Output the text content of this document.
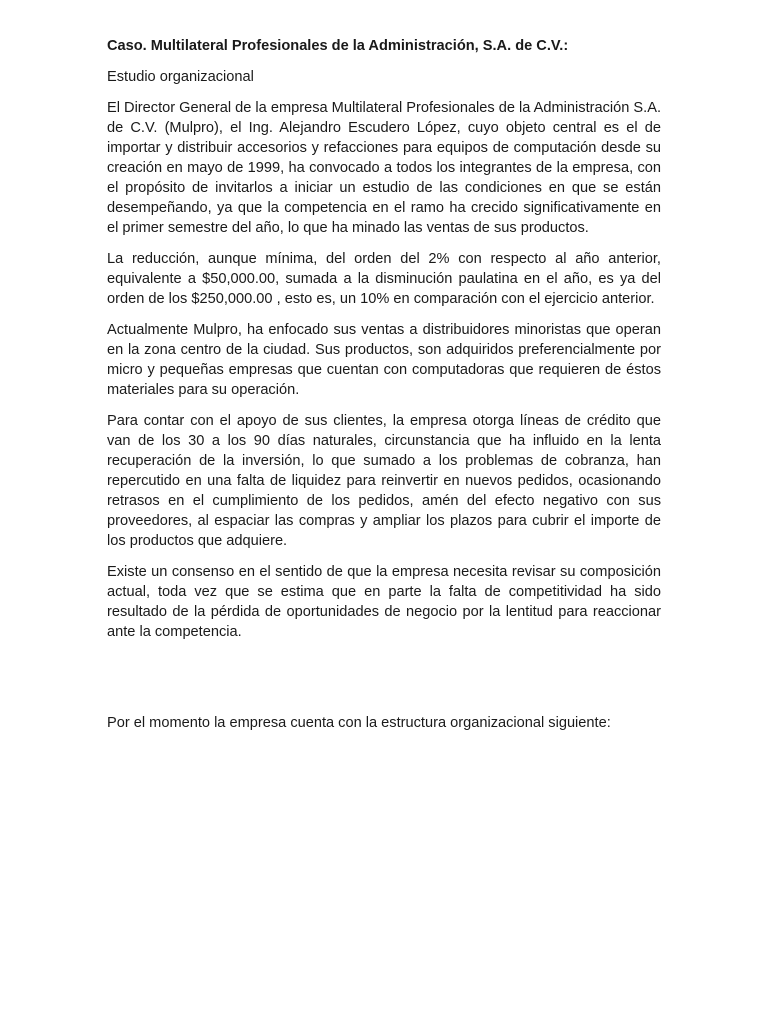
Caso. Multilateral Profesionales de la Administración, S.A. de C.V.:

Estudio organizacional

El Director General de la empresa Multilateral Profesionales de la Administración S.A. de C.V. (Mulpro), el Ing. Alejandro Escudero López, cuyo objeto central es el de importar y distribuir accesorios y refacciones para equipos de computación desde su creación en mayo de 1999, ha convocado a todos los integrantes de la empresa, con el propósito de invitarlos a iniciar un estudio de las condiciones en que se están desempeñando, ya que la competencia en el ramo ha crecido significativamente en el primer semestre del año, lo que ha minado las ventas de sus productos.

La reducción, aunque mínima, del orden del 2% con respecto al año anterior, equivalente a $50,000.00, sumada a la disminución paulatina en el año, es ya del orden de los $250,000.00 , esto es, un 10% en comparación con el ejercicio anterior.

Actualmente Mulpro, ha enfocado sus ventas a distribuidores minoristas que operan en la zona centro de la ciudad. Sus productos, son adquiridos preferencialmente por micro y pequeñas empresas que cuentan con computadoras que requieren de éstos materiales para su operación.

Para contar con el apoyo de sus clientes, la empresa otorga líneas de crédito que van de los 30 a los 90 días naturales, circunstancia que ha influido en la lenta recuperación de la inversión, lo que sumado a los problemas de cobranza, han repercutido en una falta de liquidez para reinvertir en nuevos pedidos, ocasionando retrasos en el cumplimiento de los pedidos, amén del efecto negativo con sus proveedores, al espaciar las compras y ampliar los plazos para cubrir el importe de los productos que adquiere.

Existe un consenso en el sentido de que la empresa necesita revisar su composición actual, toda vez que se estima que en parte la falta de competitividad ha sido resultado de la pérdida de oportunidades de negocio por la lentitud para reaccionar ante la competencia.

Por el momento la empresa cuenta con la estructura organizacional siguiente:
